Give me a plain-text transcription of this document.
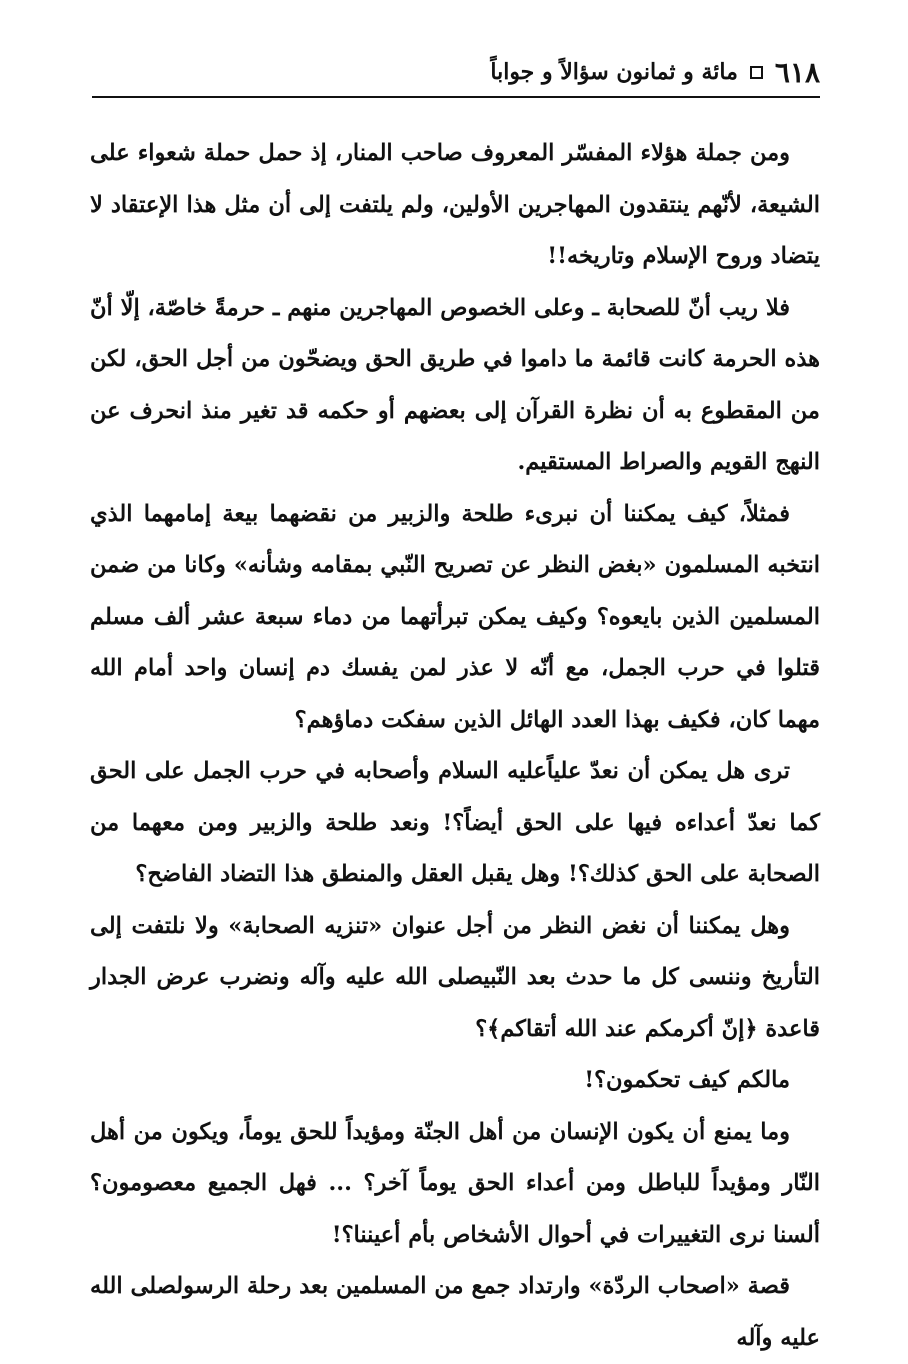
٦١٨
مائة و ثمانون سؤالاً و جواباً

ومن جملة هؤلاء المفسّر المعروف صاحب المنار، إذ حمل حملة شعواء على الشيعة، لأنّهم ينتقدون المهاجرين الأولين، ولم يلتفت إلى أن مثل هذا الإعتقاد لا يتضاد وروح الإسلام وتاريخه!!

فلا ريب أنّ للصحابة ـ وعلى الخصوص المهاجرين منهم ـ حرمةً خاصّة، إلّا أنّ هذه الحرمة كانت قائمة ما داموا في طريق الحق ويضحّون من أجل الحق، لكن من المقطوع به أن نظرة القرآن إلى بعضهم أو حكمه قد تغير منذ انحرف عن النهج القويم والصراط المستقيم.

فمثلاً، كيف يمكننا أن نبرىء طلحة والزبير من نقضهما بيعة إمامهما الذي انتخبه المسلمون «بغض النظر عن تصريح النّبي بمقامه وشأنه» وكانا من ضمن المسلمين الذين بايعوه؟ وكيف يمكن تبرأتهما من دماء سبعة عشر ألف مسلم قتلوا في حرب الجمل، مع أنّه لا عذر لمن يفسك دم إنسان واحد أمام الله مهما كان، فكيف بهذا العدد الهائل الذين سفكت دماؤهم؟

ترى هل يمكن أن نعدّ علياًعليه السلام وأصحابه في حرب الجمل على الحق كما نعدّ أعداءه فيها على الحق أيضاً؟! ونعد طلحة والزبير ومن معهما من الصحابة على الحق كذلك؟! وهل يقبل العقل والمنطق هذا التضاد الفاضح؟

وهل يمكننا أن نغض النظر من أجل عنوان «تنزيه الصحابة» ولا نلتفت إلى التأريخ وننسى كل ما حدث بعد النّبيصلى الله عليه وآله ونضرب عرض الجدار قاعدة ﴿إنّ أكرمكم عند الله أتقاكم﴾؟

مالكم كيف تحكمون؟!

وما يمنع أن يكون الإنسان من أهل الجنّة ومؤيداً للحق يوماً، ويكون من أهل النّار ومؤيداً للباطل ومن أعداء الحق يوماً آخر؟ ... فهل الجميع معصومون؟ ألسنا نرى التغييرات في أحوال الأشخاص بأم أعيننا؟!

قصة «اصحاب الردّة» وارتداد جمع من المسلمين بعد رحلة الرسولصلى الله عليه وآله
